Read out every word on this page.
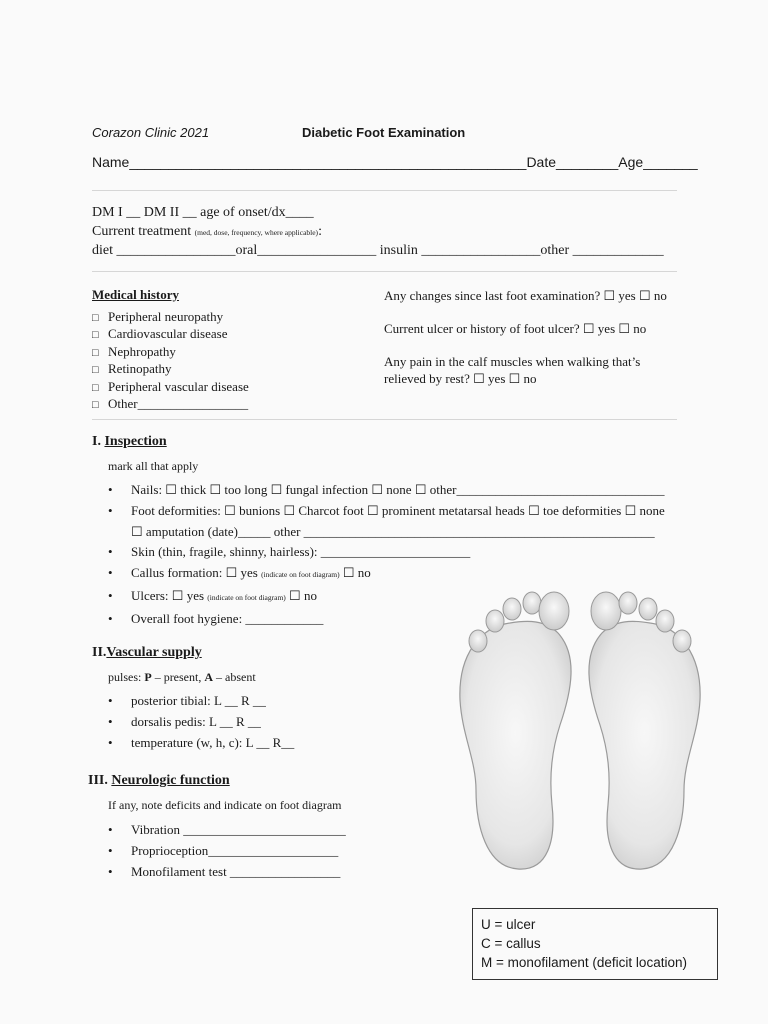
Corazon Clinic 2021	Diabetic Foot Examination
Name___________________________________________________Date________Age_______
DM I __ DM II __ age of onset/dx____
Current treatment (med, dose, frequency, where applicable):
diet _________________oral_________________ insulin _________________other _____________
Medical history
□ Peripheral neuropathy
□ Cardiovascular disease
□ Nephropathy
□ Retinopathy
□ Peripheral vascular disease
□ Other_________________
Any changes since last foot examination? ☐ yes ☐ no
Current ulcer or history of foot ulcer? ☐ yes ☐ no
Any pain in the calf muscles when walking that’s
relieved by rest? ☐ yes ☐ no
I. Inspection
mark all that apply
• Nails: ☐ thick ☐ too long ☐ fungal infection ☐ none ☐ other________________________________
• Foot deformities: ☐ bunions ☐ Charcot foot ☐ prominent metatarsal heads ☐ toe deformities ☐ none
☐ amputation (date)_____ other ______________________________________________________
• Skin (thin, fragile, shinny, hairless): _______________________
• Callus formation: ☐ yes (indicate on foot diagram) ☐ no
• Ulcers: ☐ yes (indicate on foot diagram) ☐ no
• Overall foot hygiene: ____________
II.Vascular supply
pulses: P – present, A – absent
• posterior tibial: L __ R __
• dorsalis pedis: L __ R __
• temperature (w, h, c): L __ R__
III. Neurologic function
If any, note deficits and indicate on foot diagram
• Vibration _________________________
• Proprioception____________________
• Monofilament test _________________
U = ulcer
C = callus
M = monofilament (deficit location)
